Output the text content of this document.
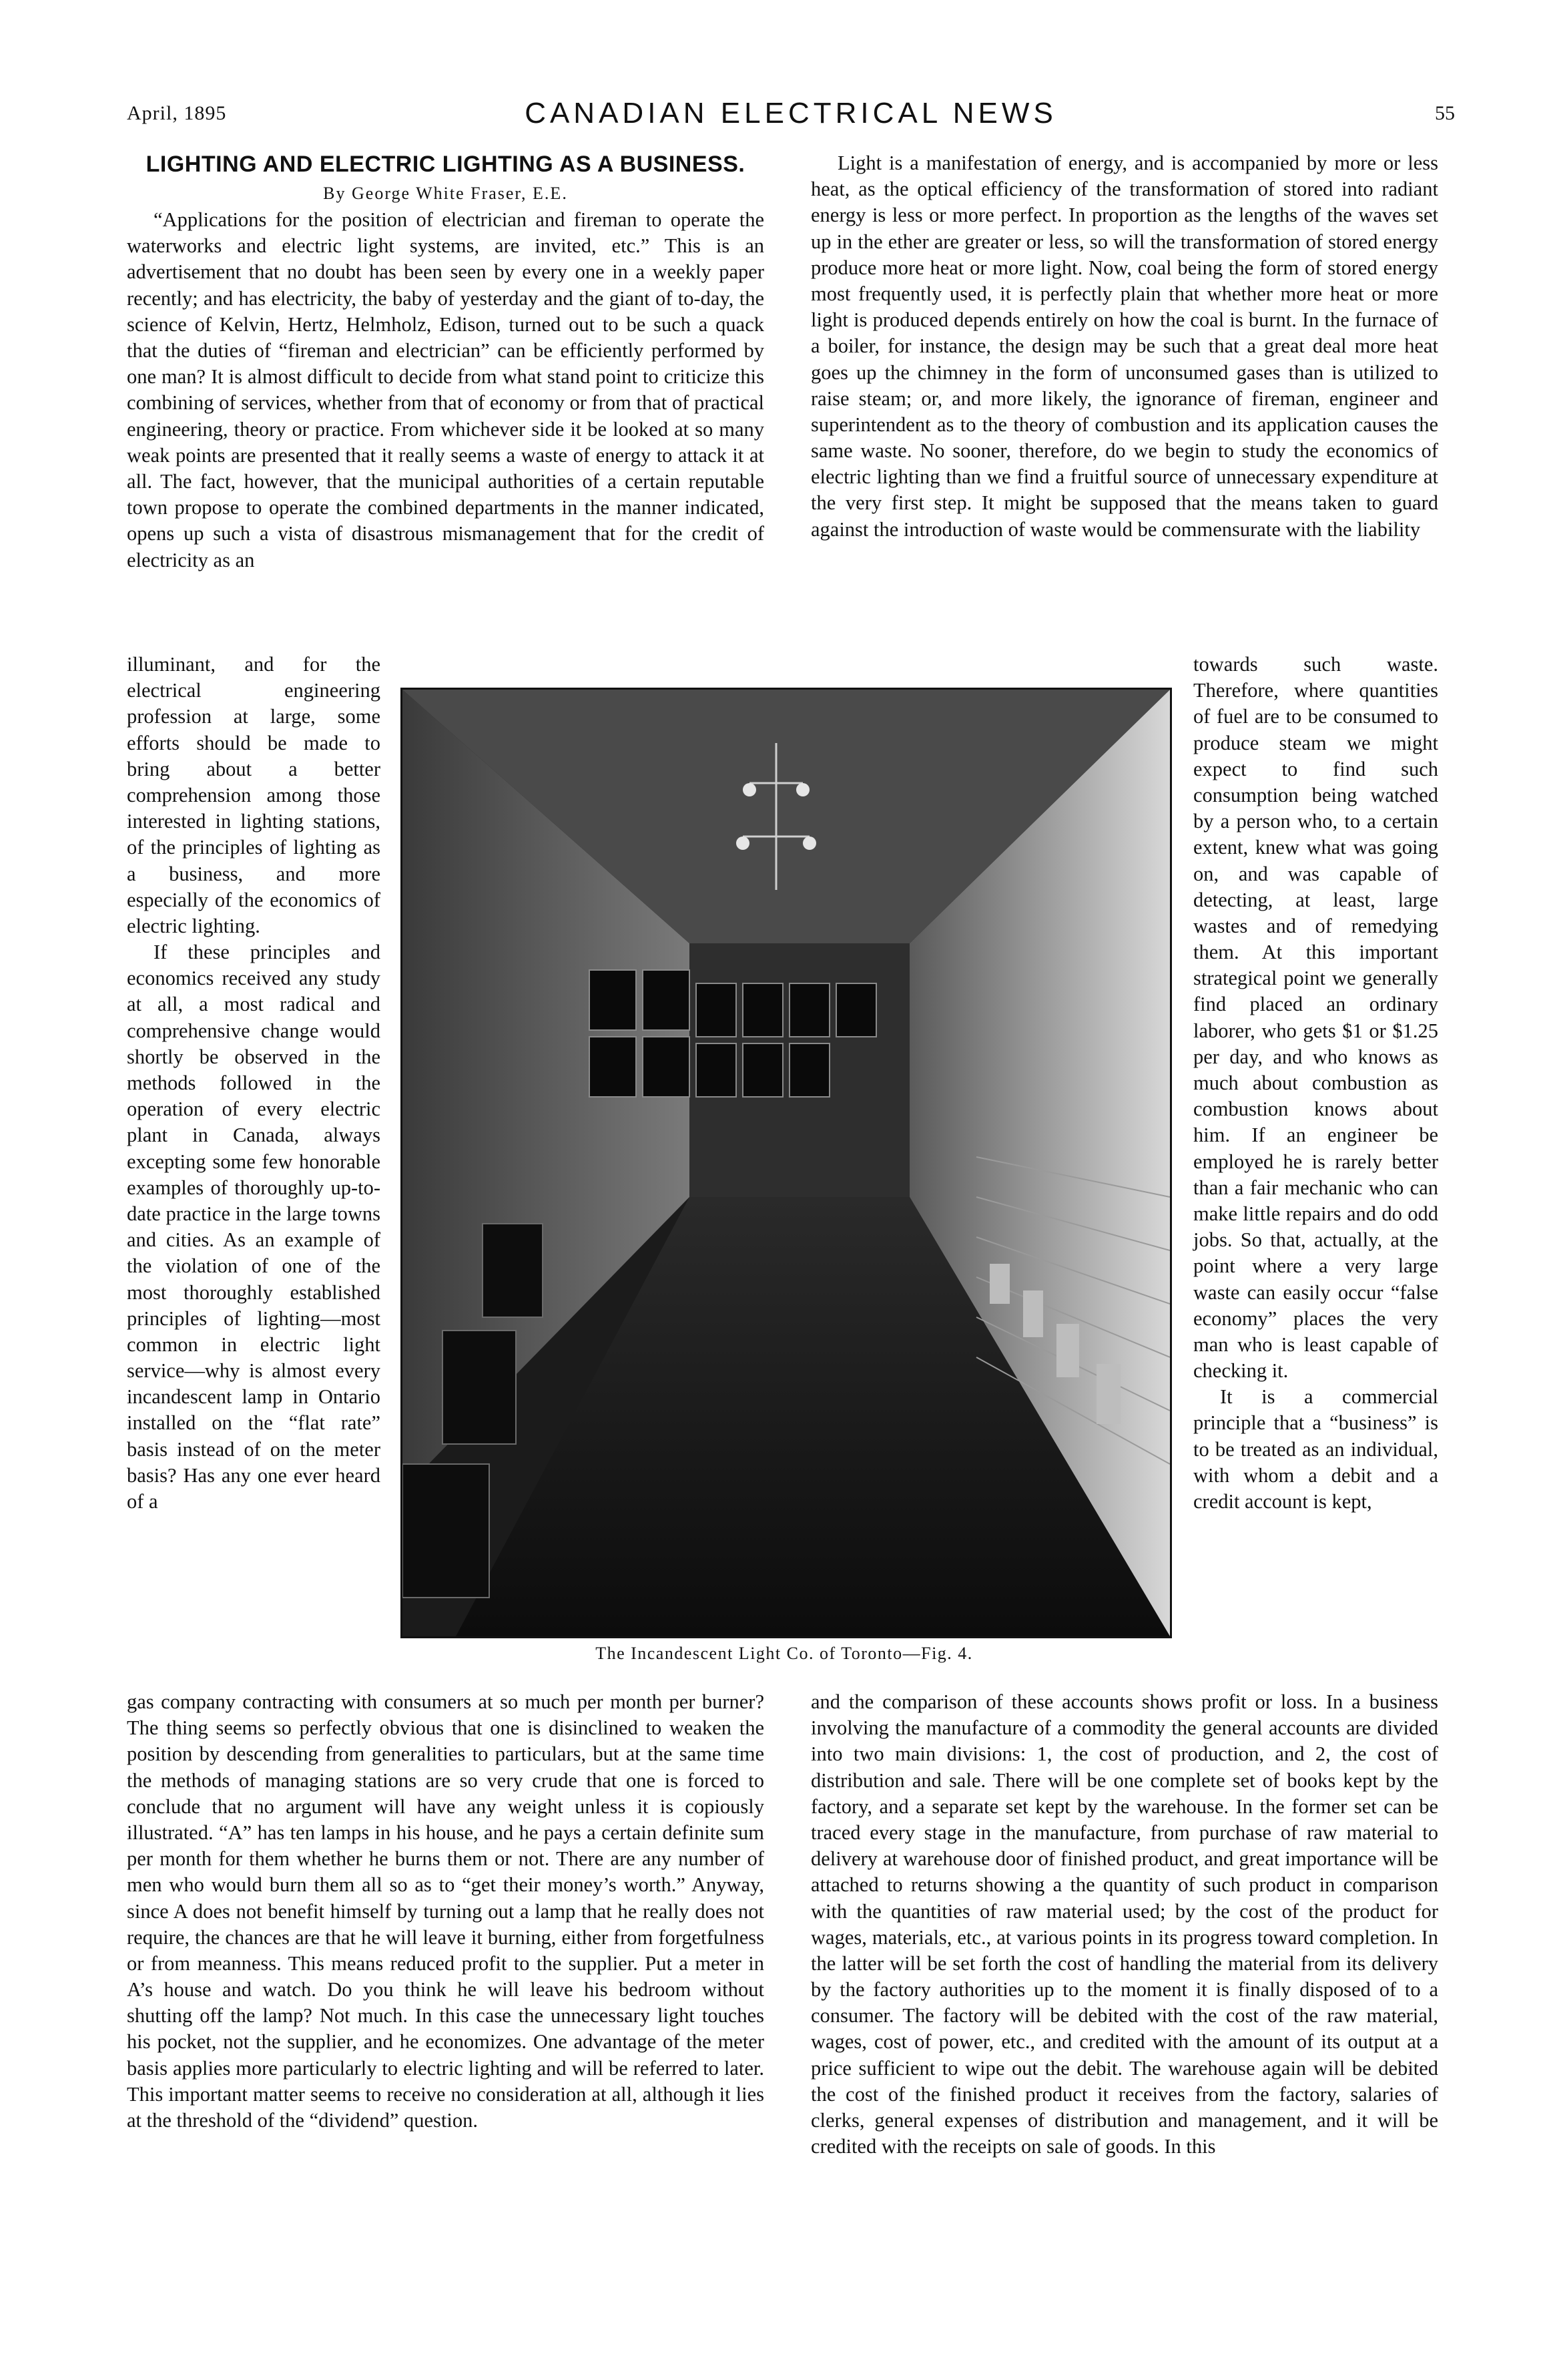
April, 1895	CANADIAN ELECTRICAL NEWS	55

LIGHTING AND ELECTRIC LIGHTING AS A BUSINESS.

By George White Fraser, E.E.

“Applications for the position of electrician and fireman to operate the waterworks and electric light systems, are invited, etc.” This is an advertisement that no doubt has been seen by every one in a weekly paper recently; and has electricity, the baby of yesterday and the giant of to-day, the science of Kelvin, Hertz, Helmholz, Edison, turned out to be such a quack that the duties of “fireman and electrician” can be efficiently performed by one man? It is almost difficult to decide from what stand point to criticize this combining of services, whether from that of economy or from that of practical engineering, theory or practice. From whichever side it be looked at so many weak points are presented that it really seems a waste of energy to attack it at all. The fact, however, that the municipal authorities of a certain reputable town propose to operate the combined departments in the manner indicated, opens up such a vista of disastrous mismanagement that for the credit of electricity as an

Light is a manifestation of energy, and is accompanied by more or less heat, as the optical efficiency of the transformation of stored into radiant energy is less or more perfect. In proportion as the lengths of the waves set up in the ether are greater or less, so will the transformation of stored energy produce more heat or more light. Now, coal being the form of stored energy most frequently used, it is perfectly plain that whether more heat or more light is produced depends entirely on how the coal is burnt. In the furnace of a boiler, for instance, the design may be such that a great deal more heat goes up the chimney in the form of unconsumed gases than is utilized to raise steam; or, and more likely, the ignorance of fireman, engineer and superintendent as to the theory of combustion and its application causes the same waste. No sooner, therefore, do we begin to study the economics of electric lighting than we find a fruitful source of unnecessary expenditure at the very first step. It might be supposed that the means taken to guard against the introduction of waste would be commensurate with the liability

illuminant, and for the electrical engineering profession at large, some efforts should be made to bring about a better comprehension among those interested in lighting stations, of the principles of lighting as a business, and more especially of the economics of electric lighting.

If these principles and economics received any study at all, a most radical and comprehensive change would shortly be observed in the methods followed in the operation of every electric plant in Canada, always excepting some few honorable examples of thoroughly up-to-date practice in the large towns and cities. As an example of the violation of one of the most thoroughly established principles of lighting—most common in electric light service—why is almost every incandescent lamp in Ontario installed on the “flat rate” basis instead of on the meter basis? Has any one ever heard of a

The Incandescent Light Co. of Toronto—Fig. 4.

towards such waste. Therefore, where quantities of fuel are to be consumed to produce steam we might expect to find such consumption being watched by a person who, to a certain extent, knew what was going on, and was capable of detecting, at least, large wastes and of remedying them. At this important strategical point we generally find placed an ordinary laborer, who gets $1 or $1.25 per day, and who knows as much about combustion as combustion knows about him. If an engineer be employed he is rarely better than a fair mechanic who can make little repairs and do odd jobs. So that, actually, at the point where a very large waste can easily occur “false economy” places the very man who is least capable of checking it.

It is a commercial principle that a “business” is to be treated as an individual, with whom a debit and a credit account is kept,

gas company contracting with consumers at so much per month per burner? The thing seems so perfectly obvious that one is disinclined to weaken the position by descending from generalities to particulars, but at the same time the methods of managing stations are so very crude that one is forced to conclude that no argument will have any weight unless it is copiously illustrated. “A” has ten lamps in his house, and he pays a certain definite sum per month for them whether he burns them or not. There are any number of men who would burn them all so as to “get their money’s worth.” Anyway, since A does not benefit himself by turning out a lamp that he really does not require, the chances are that he will leave it burning, either from forgetfulness or from meanness. This means reduced profit to the supplier. Put a meter in A’s house and watch. Do you think he will leave his bedroom without shutting off the lamp? Not much. In this case the unnecessary light touches his pocket, not the supplier, and he economizes. One advantage of the meter basis applies more particularly to electric lighting and will be referred to later. This important matter seems to receive no consideration at all, although it lies at the threshold of the “dividend” question.

and the comparison of these accounts shows profit or loss. In a business involving the manufacture of a commodity the general accounts are divided into two main divisions: 1, the cost of production, and 2, the cost of distribution and sale. There will be one complete set of books kept by the factory, and a separate set kept by the warehouse. In the former set can be traced every stage in the manufacture, from purchase of raw material to delivery at warehouse door of finished product, and great importance will be attached to returns showing a the quantity of such product in comparison with the quantities of raw material used; by the cost of the product for wages, materials, etc., at various points in its progress toward completion. In the latter will be set forth the cost of handling the material from its delivery by the factory authorities up to the moment it is finally disposed of to a consumer. The factory will be debited with the cost of the raw material, wages, cost of power, etc., and credited with the amount of its output at a price sufficient to wipe out the debit. The warehouse again will be debited the cost of the finished product it receives from the factory, salaries of clerks, general expenses of distribution and management, and it will be credited with the receipts on sale of goods. In this
